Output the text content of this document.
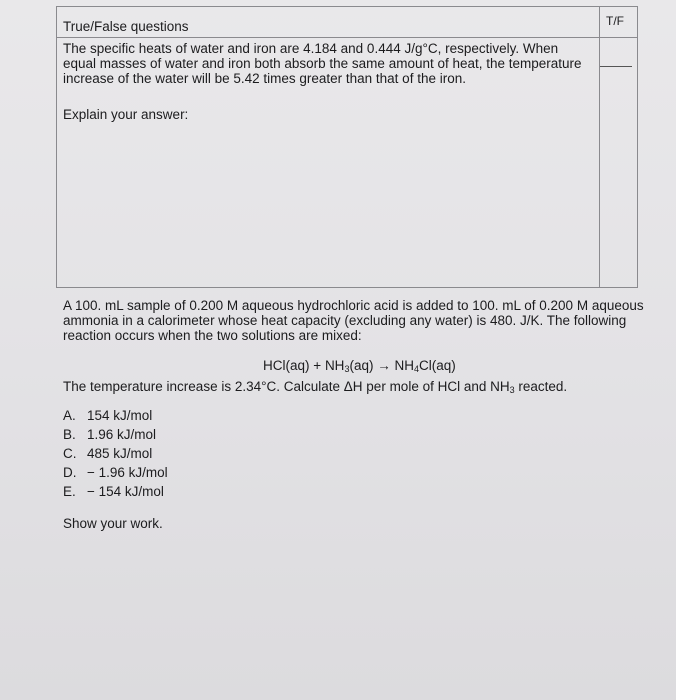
True/False questions	T/F
The specific heats of water and iron are 4.184 and 0.444 J/g°C, respectively. When equal masses of water and iron both absorb the same amount of heat, the temperature increase of the water will be 5.42 times greater than that of the iron.
Explain your answer:
A 100. mL sample of 0.200 M aqueous hydrochloric acid is added to 100. mL of 0.200 M aqueous ammonia in a calorimeter whose heat capacity (excluding any water) is 480. J/K. The following reaction occurs when the two solutions are mixed:
$HCl(aq) + NH_3(aq) \to NH_4Cl(aq)$
The temperature increase is 2.34°C. Calculate ΔH per mole of HCl and $NH_3$ reacted.
A. 154 kJ/mol
B. 1.96 kJ/mol
C. 485 kJ/mol
D. − 1.96 kJ/mol
E. − 154 kJ/mol
Show your work.
